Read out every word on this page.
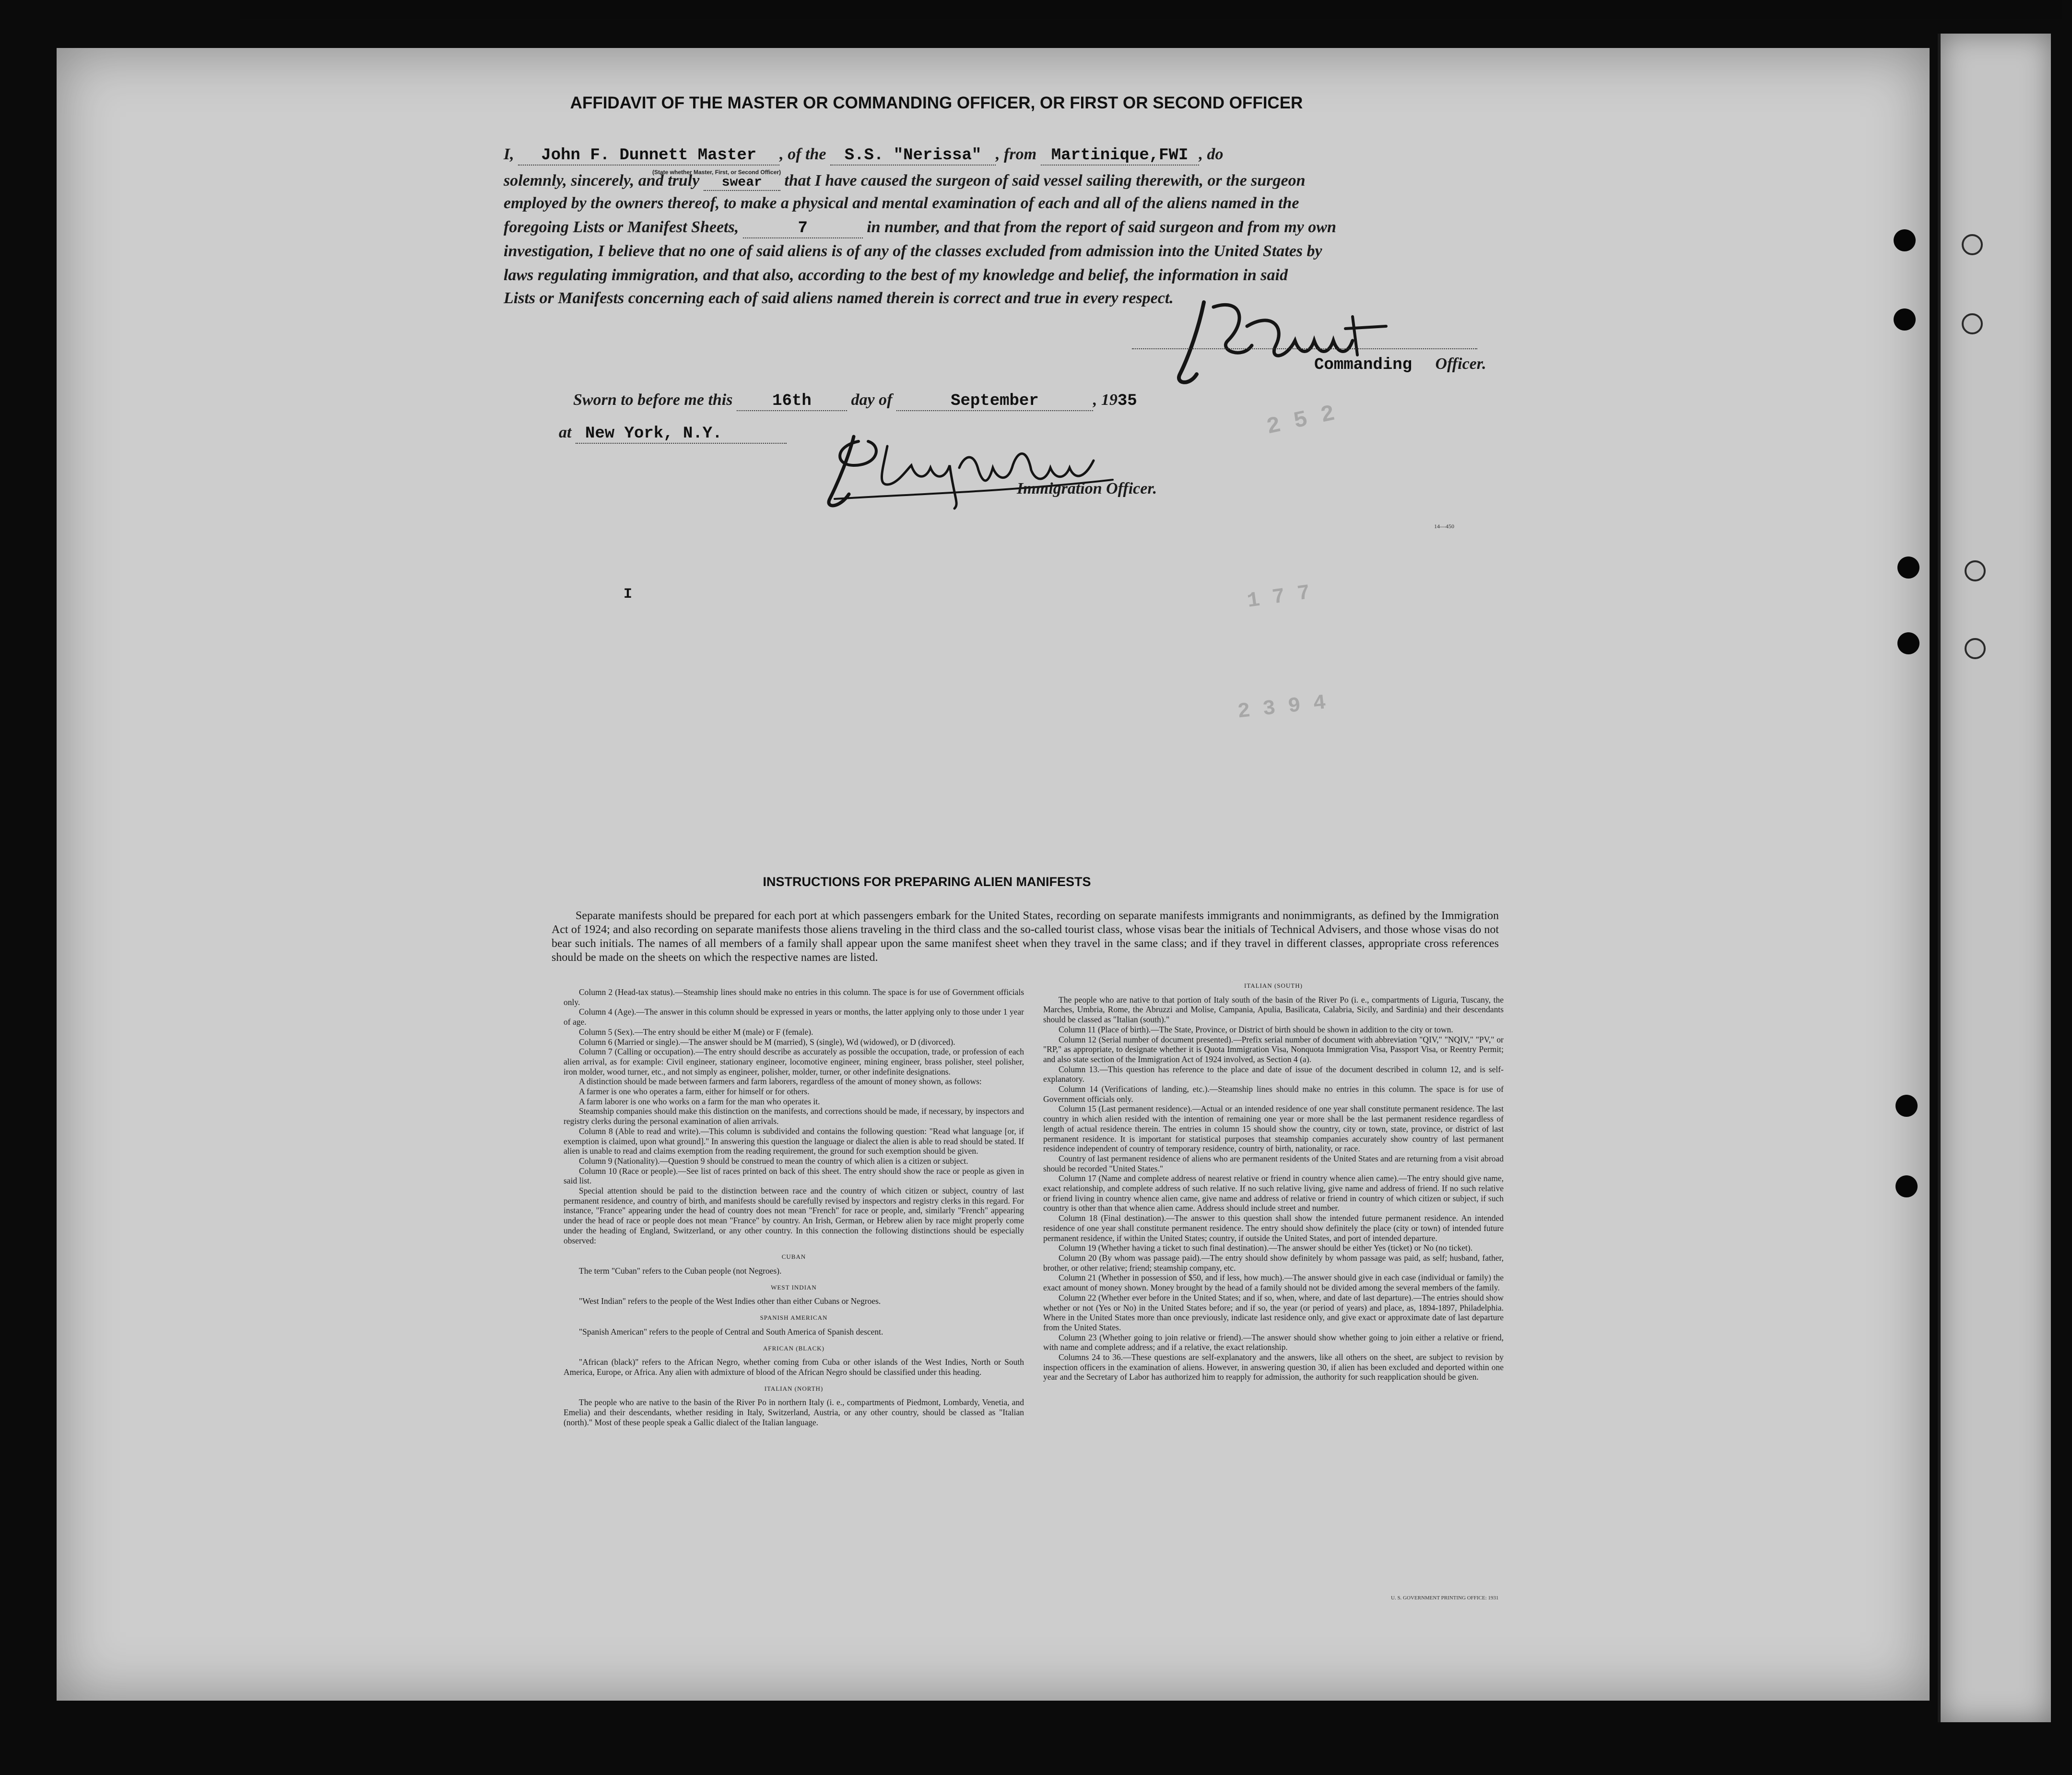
2 5 2
1 7 7
2 3 9 4
AFFIDAVIT OF THE MASTER OR COMMANDING OFFICER, OR FIRST OR SECOND OFFICER
I, John F. Dunnett Master , of the S.S. "Nerissa" , from Martinique,FWI , do
(State whether Master, First, or Second Officer)
solemnly, sincerely, and truly swear that I have caused the surgeon of said vessel sailing therewith, or the surgeon
employed by the owners thereof, to make a physical and mental examination of each and all of the aliens named in the
foregoing Lists or Manifest Sheets,	7	in number, and that from the report of said surgeon and from my own
investigation, I believe that no one of said aliens is of any of the classes excluded from admission into the United States by
laws regulating immigration, and that also, according to the best of my knowledge and belief, the information in said
Lists or Manifests concerning each of said aliens named therein is correct and true in every respect.
Commanding Officer.
Sworn to before me this 16th day of	September	, 1935
at New York, N.Y.
Immigration Officer.
14—450
I
INSTRUCTIONS FOR PREPARING ALIEN MANIFESTS
Separate manifests should be prepared for each port at which passengers embark for the United States, recording on separate manifests immigrants and nonimmigrants, as defined by the Immigration Act of 1924; and also recording on separate manifests those aliens traveling in the third class and the so-called tourist class, whose visas bear the initials of Technical Advisers, and those whose visas do not bear such initials. The names of all members of a family shall appear upon the same manifest sheet when they travel in the same class; and if they travel in different classes, appropriate cross references should be made on the sheets on which the respective names are listed.

Column 2 (Head-tax status).—Steamship lines should make no entries in this column. The space is for use of Government officials only.

Column 4 (Age).—The answer in this column should be expressed in years or months, the latter applying only to those under 1 year of age.

Column 5 (Sex).—The entry should be either M (male) or F (female).

Column 6 (Married or single).—The answer should be M (married), S (single), Wd (widowed), or D (divorced).

Column 7 (Calling or occupation).—The entry should describe as accurately as possible the occupation, trade, or profession of each alien arrival, as for example: Civil engineer, stationary engineer, locomotive engineer, mining engineer, brass polisher, steel polisher, iron molder, wood turner, etc., and not simply as engineer, polisher, molder, turner, or other indefinite designations.

A distinction should be made between farmers and farm laborers, regardless of the amount of money shown, as follows:

A farmer is one who operates a farm, either for himself or for others.

A farm laborer is one who works on a farm for the man who operates it.

Steamship companies should make this distinction on the manifests, and corrections should be made, if necessary, by inspectors and registry clerks during the personal examination of alien arrivals.

Column 8 (Able to read and write).—This column is subdivided and contains the following question: "Read what language [or, if exemption is claimed, upon what ground]." In answering this question the language or dialect the alien is able to read should be stated. If alien is unable to read and claims exemption from the reading requirement, the ground for such exemption should be given.

Column 9 (Nationality).—Question 9 should be construed to mean the country of which alien is a citizen or subject.

Column 10 (Race or people).—See list of races printed on back of this sheet. The entry should show the race or people as given in said list.

Special attention should be paid to the distinction between race and the country of which citizen or subject, country of last permanent residence, and country of birth, and manifests should be carefully revised by inspectors and registry clerks in this regard. For instance, "France" appearing under the head of country does not mean "French" for race or people, and, similarly "French" appearing under the head of race or people does not mean "France" by country. An Irish, German, or Hebrew alien by race might properly come under the heading of England, Switzerland, or any other country. In this connection the following distinctions should be especially observed:

CUBAN

The term "Cuban" refers to the Cuban people (not Negroes).

WEST INDIAN

"West Indian" refers to the people of the West Indies other than either Cubans or Negroes.

SPANISH AMERICAN

"Spanish American" refers to the people of Central and South America of Spanish descent.

AFRICAN (BLACK)

"African (black)" refers to the African Negro, whether coming from Cuba or other islands of the West Indies, North or South America, Europe, or Africa. Any alien with admixture of blood of the African Negro should be classified under this heading.

ITALIAN (NORTH)

The people who are native to the basin of the River Po in northern Italy (i. e., compartments of Piedmont, Lombardy, Venetia, and Emelia) and their descendants, whether residing in Italy, Switzerland, Austria, or any other country, should be classed as "Italian (north)." Most of these people speak a Gallic dialect of the Italian language.

ITALIAN (SOUTH)

The people who are native to that portion of Italy south of the basin of the River Po (i. e., compartments of Liguria, Tuscany, the Marches, Umbria, Rome, the Abruzzi and Molise, Campania, Apulia, Basilicata, Calabria, Sicily, and Sardinia) and their descendants should be classed as "Italian (south)."

Column 11 (Place of birth).—The State, Province, or District of birth should be shown in addition to the city or town.

Column 12 (Serial number of document presented).—Prefix serial number of document with abbreviation "QIV," "NQIV," "PV," or "RP," as appropriate, to designate whether it is Quota Immigration Visa, Nonquota Immigration Visa, Passport Visa, or Reentry Permit; and also state section of the Immigration Act of 1924 involved, as Section 4 (a).

Column 13.—This question has reference to the place and date of issue of the document described in column 12, and is self-explanatory.

Column 14 (Verifications of landing, etc.).—Steamship lines should make no entries in this column. The space is for use of Government officials only.

Column 15 (Last permanent residence).—Actual or an intended residence of one year shall constitute permanent residence. The last country in which alien resided with the intention of remaining one year or more shall be the last permanent residence regardless of length of actual residence therein. The entries in column 15 should show the country, city or town, state, province, or district of last permanent residence. It is important for statistical purposes that steamship companies accurately show country of last permanent residence independent of country of temporary residence, country of birth, nationality, or race.

Country of last permanent residence of aliens who are permanent residents of the United States and are returning from a visit abroad should be recorded "United States."

Column 17 (Name and complete address of nearest relative or friend in country whence alien came).—The entry should give name, exact relationship, and complete address of such relative. If no such relative living, give name and address of friend. If no such relative or friend living in country whence alien came, give name and address of relative or friend in country of which citizen or subject, if such country is other than that whence alien came. Address should include street and number.

Column 18 (Final destination).—The answer to this question shall show the intended future permanent residence. An intended residence of one year shall constitute permanent residence. The entry should show definitely the place (city or town) of intended future permanent residence, if within the United States; country, if outside the United States, and port of intended departure.

Column 19 (Whether having a ticket to such final destination).—The answer should be either Yes (ticket) or No (no ticket).

Column 20 (By whom was passage paid).—The entry should show definitely by whom passage was paid, as self; husband, father, brother, or other relative; friend; steamship company, etc.

Column 21 (Whether in possession of $50, and if less, how much).—The answer should give in each case (individual or family) the exact amount of money shown. Money brought by the head of a family should not be divided among the several members of the family.

Column 22 (Whether ever before in the United States; and if so, when, where, and date of last departure).—The entries should show whether or not (Yes or No) in the United States before; and if so, the year (or period of years) and place, as, 1894-1897, Philadelphia. Where in the United States more than once previously, indicate last residence only, and give exact or approximate date of last departure from the United States.

Column 23 (Whether going to join relative or friend).—The answer should show whether going to join either a relative or friend, with name and complete address; and if a relative, the exact relationship.

Columns 24 to 36.—These questions are self-explanatory and the answers, like all others on the sheet, are subject to revision by inspection officers in the examination of aliens. However, in answering question 30, if alien has been excluded and deported within one year and the Secretary of Labor has authorized him to reapply for admission, the authority for such reapplication should be given.

U. S. GOVERNMENT PRINTING OFFICE: 1931
